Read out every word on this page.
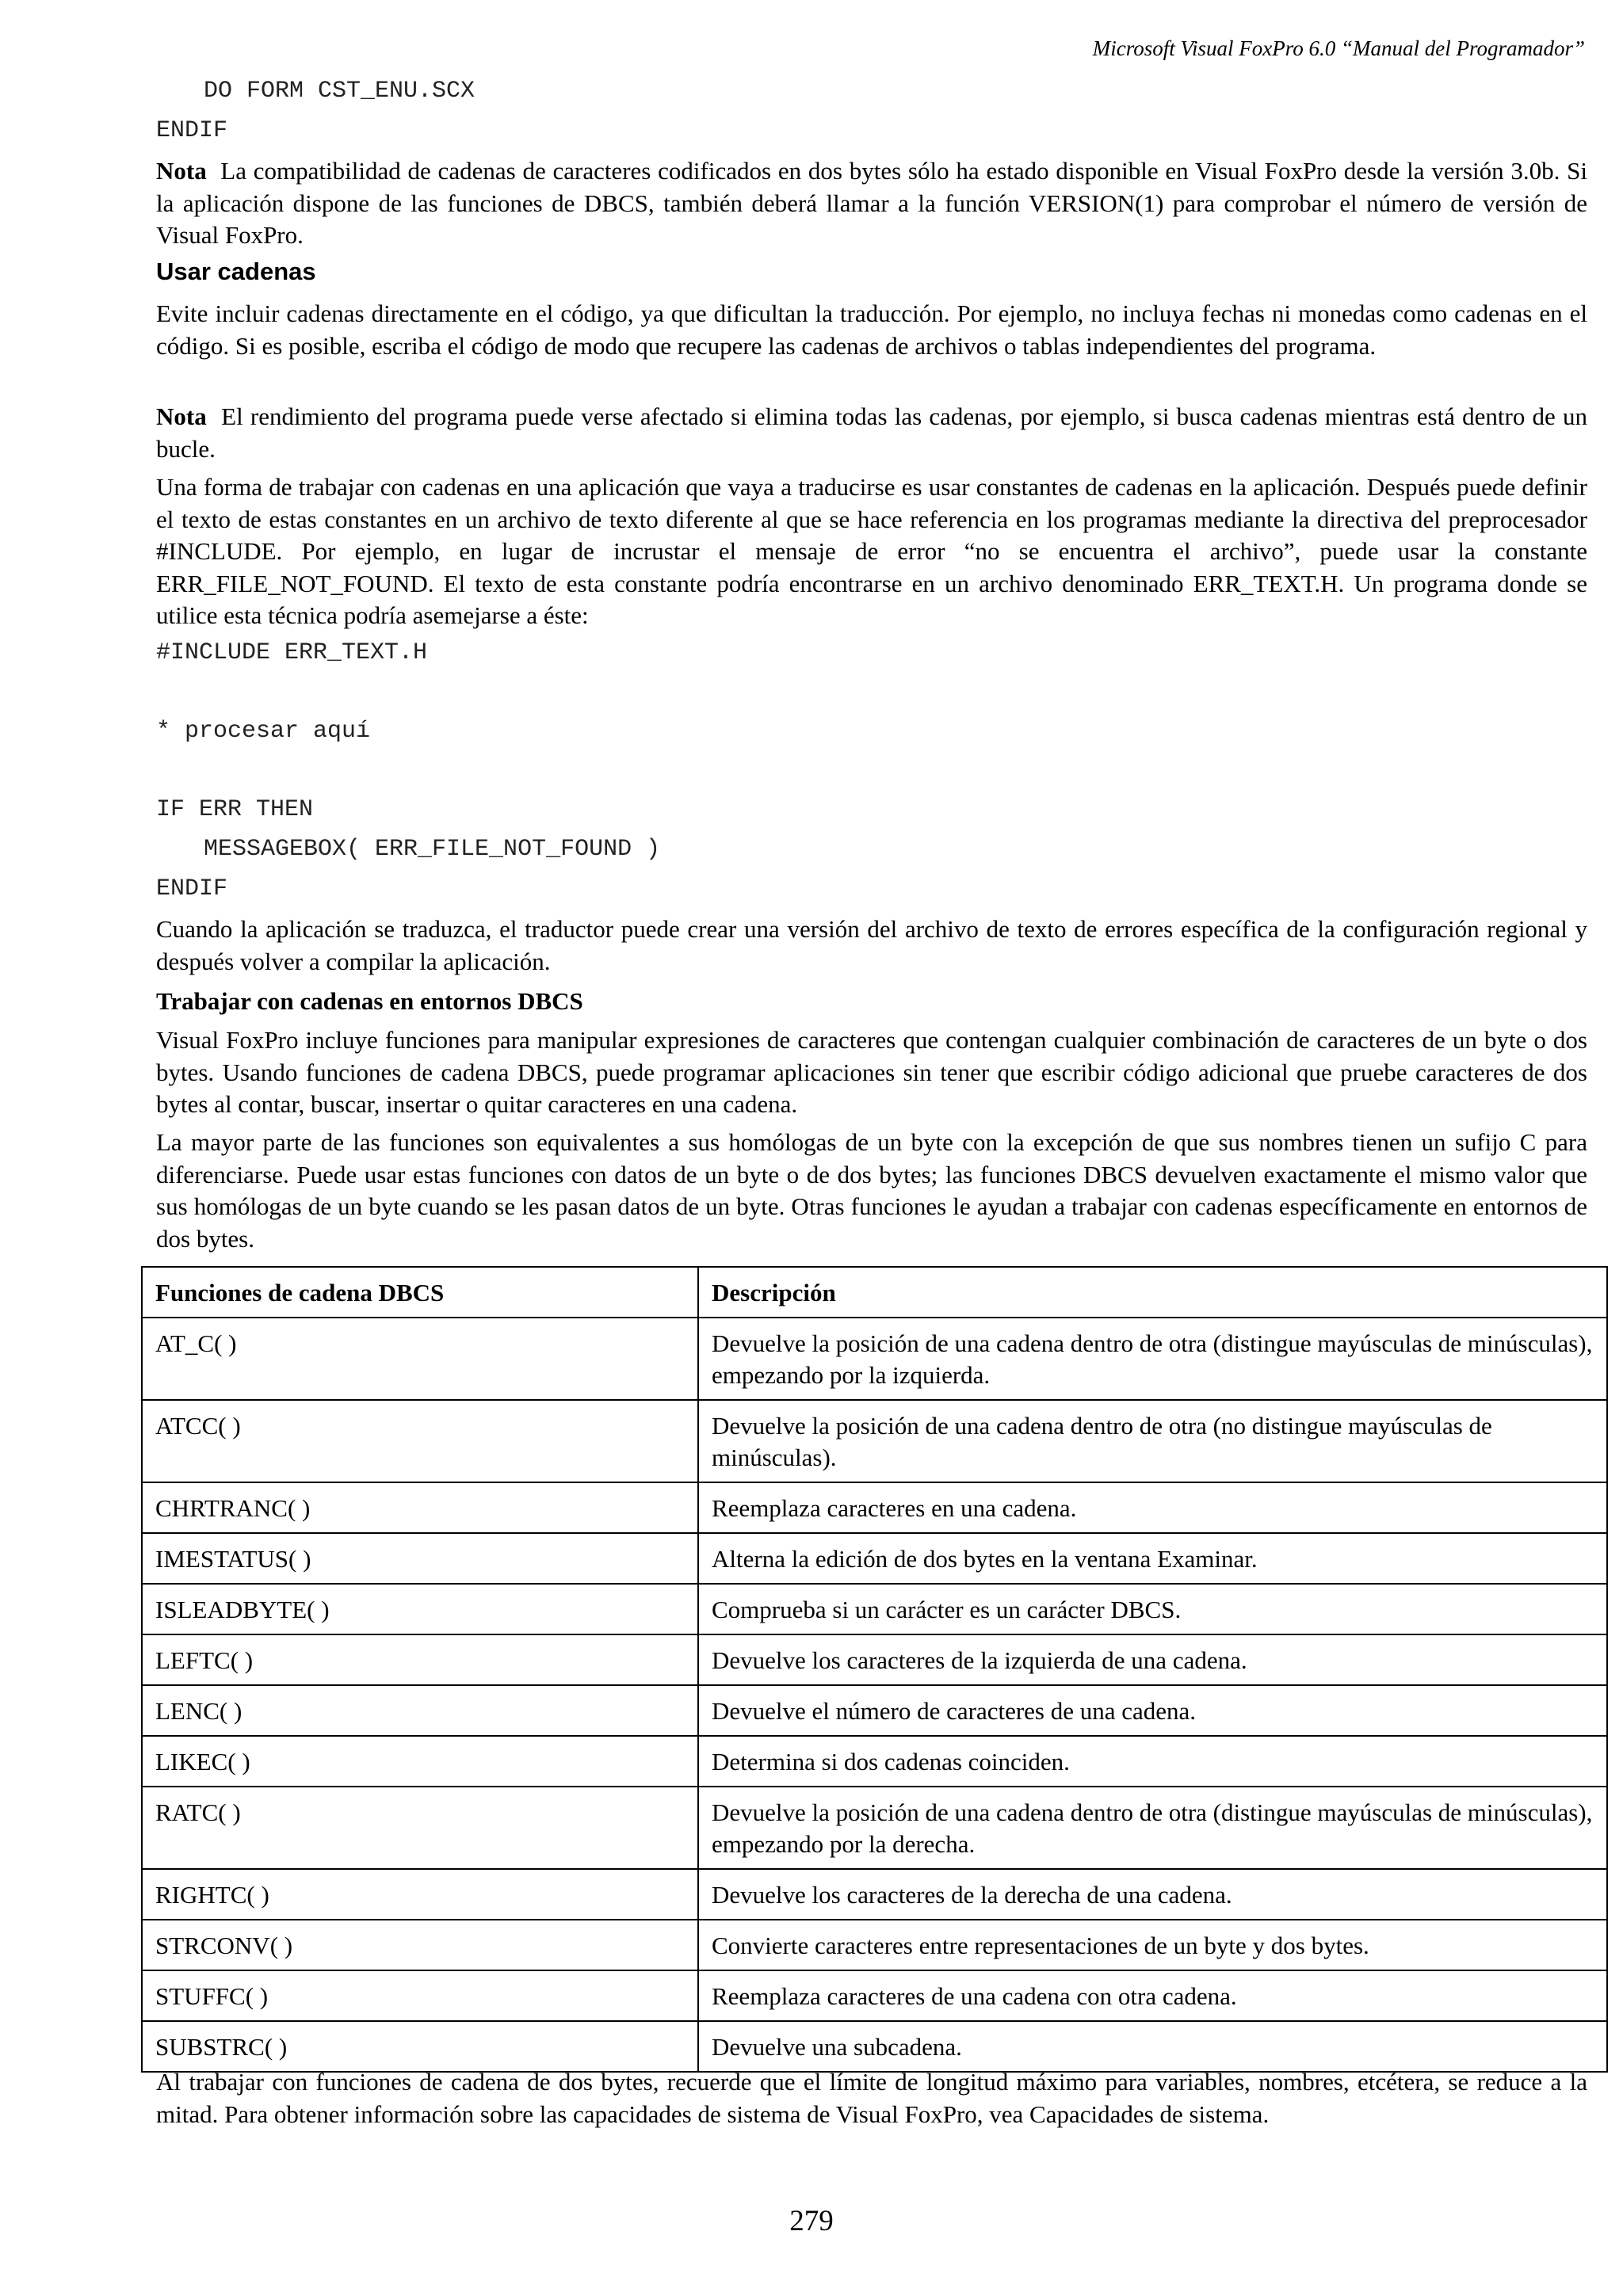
Microsoft Visual FoxPro 6.0 “Manual del Programador”
DO FORM CST_ENU.SCX
ENDIF
Nota La compatibilidad de cadenas de caracteres codificados en dos bytes sólo ha estado disponible en Visual FoxPro desde la versión 3.0b. Si la aplicación dispone de las funciones de DBCS, también deberá llamar a la función VERSION(1) para comprobar el número de versión de Visual FoxPro.
Usar cadenas
Evite incluir cadenas directamente en el código, ya que dificultan la traducción. Por ejemplo, no incluya fechas ni monedas como cadenas en el código. Si es posible, escriba el código de modo que recupere las cadenas de archivos o tablas independientes del programa.
Nota El rendimiento del programa puede verse afectado si elimina todas las cadenas, por ejemplo, si busca cadenas mientras está dentro de un bucle.
Una forma de trabajar con cadenas en una aplicación que vaya a traducirse es usar constantes de cadenas en la aplicación. Después puede definir el texto de estas constantes en un archivo de texto diferente al que se hace referencia en los programas mediante la directiva del preprocesador #INCLUDE. Por ejemplo, en lugar de incrustar el mensaje de error “no se encuentra el archivo”, puede usar la constante ERR_FILE_NOT_FOUND. El texto de esta constante podría encontrarse en un archivo denominado ERR_TEXT.H. Un programa donde se utilice esta técnica podría asemejarse a éste:
#INCLUDE ERR_TEXT.H
* procesar aquí
IF ERR THEN
MESSAGEBOX( ERR_FILE_NOT_FOUND )
ENDIF
Cuando la aplicación se traduzca, el traductor puede crear una versión del archivo de texto de errores específica de la configuración regional y después volver a compilar la aplicación.
Trabajar con cadenas en entornos DBCS
Visual FoxPro incluye funciones para manipular expresiones de caracteres que contengan cualquier combinación de caracteres de un byte o dos bytes. Usando funciones de cadena DBCS, puede programar aplicaciones sin tener que escribir código adicional que pruebe caracteres de dos bytes al contar, buscar, insertar o quitar caracteres en una cadena.
La mayor parte de las funciones son equivalentes a sus homólogas de un byte con la excepción de que sus nombres tienen un sufijo C para diferenciarse. Puede usar estas funciones con datos de un byte o de dos bytes; las funciones DBCS devuelven exactamente el mismo valor que sus homólogas de un byte cuando se les pasan datos de un byte. Otras funciones le ayudan a trabajar con cadenas específicamente en entornos de dos bytes.
Funciones de cadena DBCS	Descripción
AT_C( )	Devuelve la posición de una cadena dentro de otra (distingue mayúsculas de minúsculas), empezando por la izquierda.
ATCC( )	Devuelve la posición de una cadena dentro de otra (no distingue mayúsculas de minúsculas).
CHRTRANC( )	Reemplaza caracteres en una cadena.
IMESTATUS( )	Alterna la edición de dos bytes en la ventana Examinar.
ISLEADBYTE( )	Comprueba si un carácter es un carácter DBCS.
LEFTC( )	Devuelve los caracteres de la izquierda de una cadena.
LENC( )	Devuelve el número de caracteres de una cadena.
LIKEC( )	Determina si dos cadenas coinciden.
RATC( )	Devuelve la posición de una cadena dentro de otra (distingue mayúsculas de minúsculas), empezando por la derecha.
RIGHTC( )	Devuelve los caracteres de la derecha de una cadena.
STRCONV( )	Convierte caracteres entre representaciones de un byte y dos bytes.
STUFFC( )	Reemplaza caracteres de una cadena con otra cadena.
SUBSTRC( )	Devuelve una subcadena.
Al trabajar con funciones de cadena de dos bytes, recuerde que el límite de longitud máximo para variables, nombres, etcétera, se reduce a la mitad. Para obtener información sobre las capacidades de sistema de Visual FoxPro, vea Capacidades de sistema.
279
